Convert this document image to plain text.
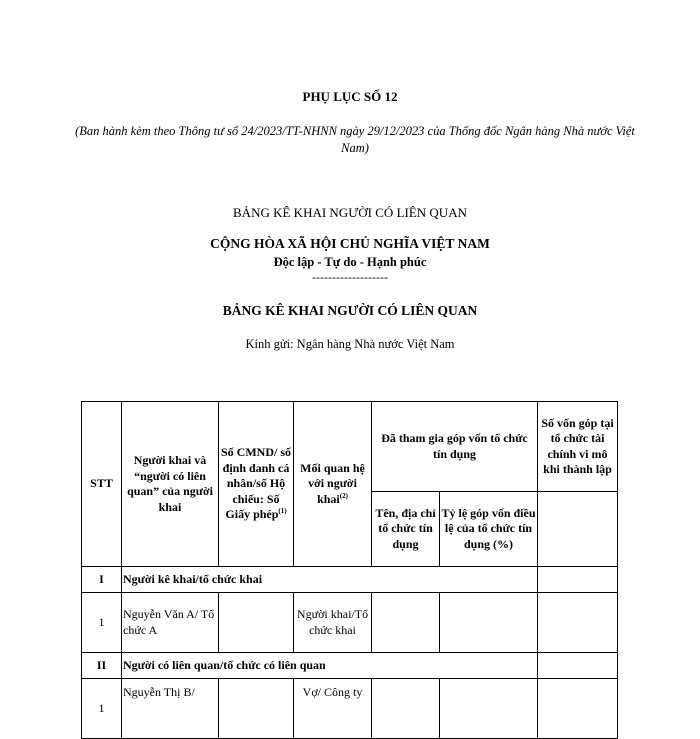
PHỤ LỤC SỐ 12
(Ban hành kèm theo Thông tư số 24/2023/TT-NHNN ngày 29/12/2023 của Thống đốc Ngân hàng Nhà nước Việt Nam)
BẢNG KÊ KHAI NGƯỜI CÓ LIÊN QUAN
CỘNG HÒA XÃ HỘI CHỦ NGHĨA VIỆT NAM
Độc lập - Tự do - Hạnh phúc
-------------------
BẢNG KÊ KHAI NGƯỜI CÓ LIÊN QUAN
Kính gửi: Ngân hàng Nhà nước Việt Nam
STT	Người khai và “người có liên quan” của người khai	Số CMND/ số định danh cá nhân/số Hộ chiếu: Số Giấy phép$^{(1)}$	Mối quan hệ với người khai$^{(2)}$	Đã tham gia góp vốn tổ chức tín dụng		Số vốn góp tại tổ chức tài chính vi mô khi thành lập
				Tên, địa chỉ tổ chức tín dụng	Tỷ lệ góp vốn điều lệ của tổ chức tín dụng (%)	
I	Người kê khai/tổ chức khai					
1	Nguyễn Văn A/ Tổ chức A		Người khai/Tổ chức khai			
II	Người có liên quan/tổ chức có liên quan					
1	Nguyễn Thị B/		Vợ/ Công ty			
